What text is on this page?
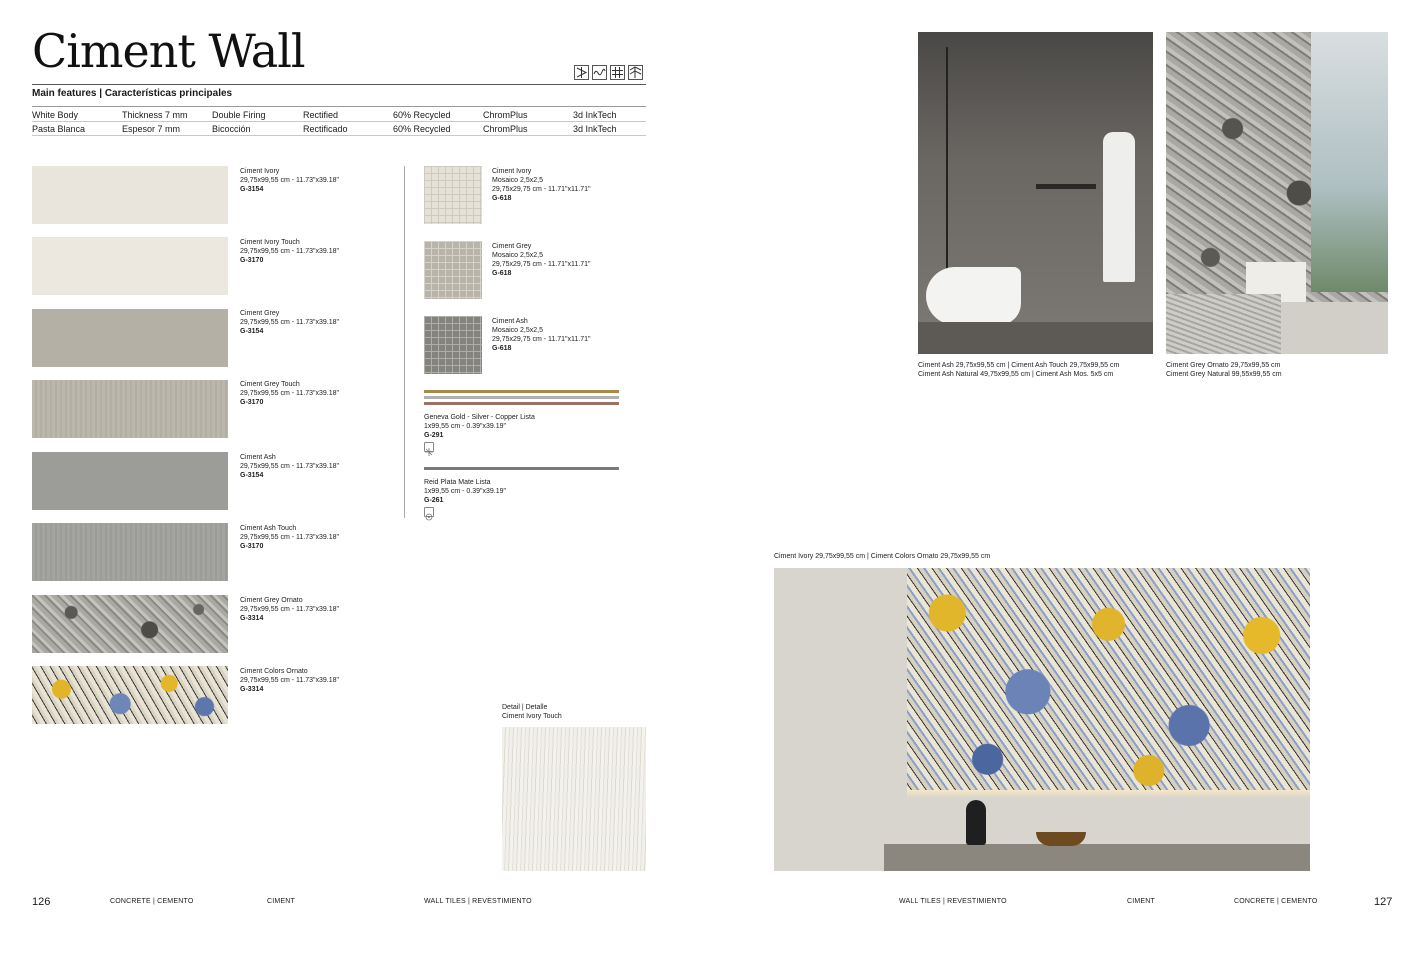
Ciment Wall
Main features | Características principales
White Body	Thickness 7 mm	Double Firing	Rectified	60% Recycled	ChromPlus	3d InkTech
Pasta Blanca	Espesor 7 mm	Bicocción	Rectificado	60% Recycled	ChromPlus	3d InkTech
Ciment Ivory
29,75x99,55 cm - 11.73"x39.18"
G-3154
Ciment Ivory Touch
29,75x99,55 cm - 11.73"x39.18"
G-3170
Ciment Grey
29,75x99,55 cm - 11.73"x39.18"
G-3154
Ciment Grey Touch
29,75x99,55 cm - 11.73"x39.18"
G-3170
Ciment Ash
29,75x99,55 cm - 11.73"x39.18"
G-3154
Ciment Ash Touch
29,75x99,55 cm - 11.73"x39.18"
G-3170
Ciment Grey Ornato
29,75x99,55 cm - 11.73"x39.18"
G-3314
Ciment Colors Ornato
29,75x99,55 cm - 11.73"x39.18"
G-3314
Ciment Ivory
Mosaico 2,5x2,5
29,75x29,75 cm - 11.71"x11.71"
G-618
Ciment Grey
Mosaico 2,5x2,5
29,75x29,75 cm - 11.71"x11.71"
G-618
Ciment Ash
Mosaico 2,5x2,5
29,75x29,75 cm - 11.71"x11.71"
G-618
Geneva Gold - Silver - Copper Lista
1x99,55 cm - 0.39"x39.19"
G-291
Reid Plata Mate Lista
1x99,55 cm - 0.39"x39.19"
G-261
Detail | Detalle
Ciment Ivory Touch
Ciment Ash 29,75x99,55 cm | Ciment Ash Touch 29,75x99,55 cm
Ciment Ash Natural 49,75x99,55 cm | Ciment Ash Mos. 5x5 cm
Ciment Grey Ornato 29,75x99,55 cm
Ciment Grey Natural 99,55x99,55 cm
Ciment Ivory 29,75x99,55 cm | Ciment Colors Ornato 29,75x99,55 cm
126	CONCRETE | CEMENTO	CIMENT	WALL TILES | REVESTIMIENTO	WALL TILES | REVESTIMIENTO	CIMENT	CONCRETE | CEMENTO	127
